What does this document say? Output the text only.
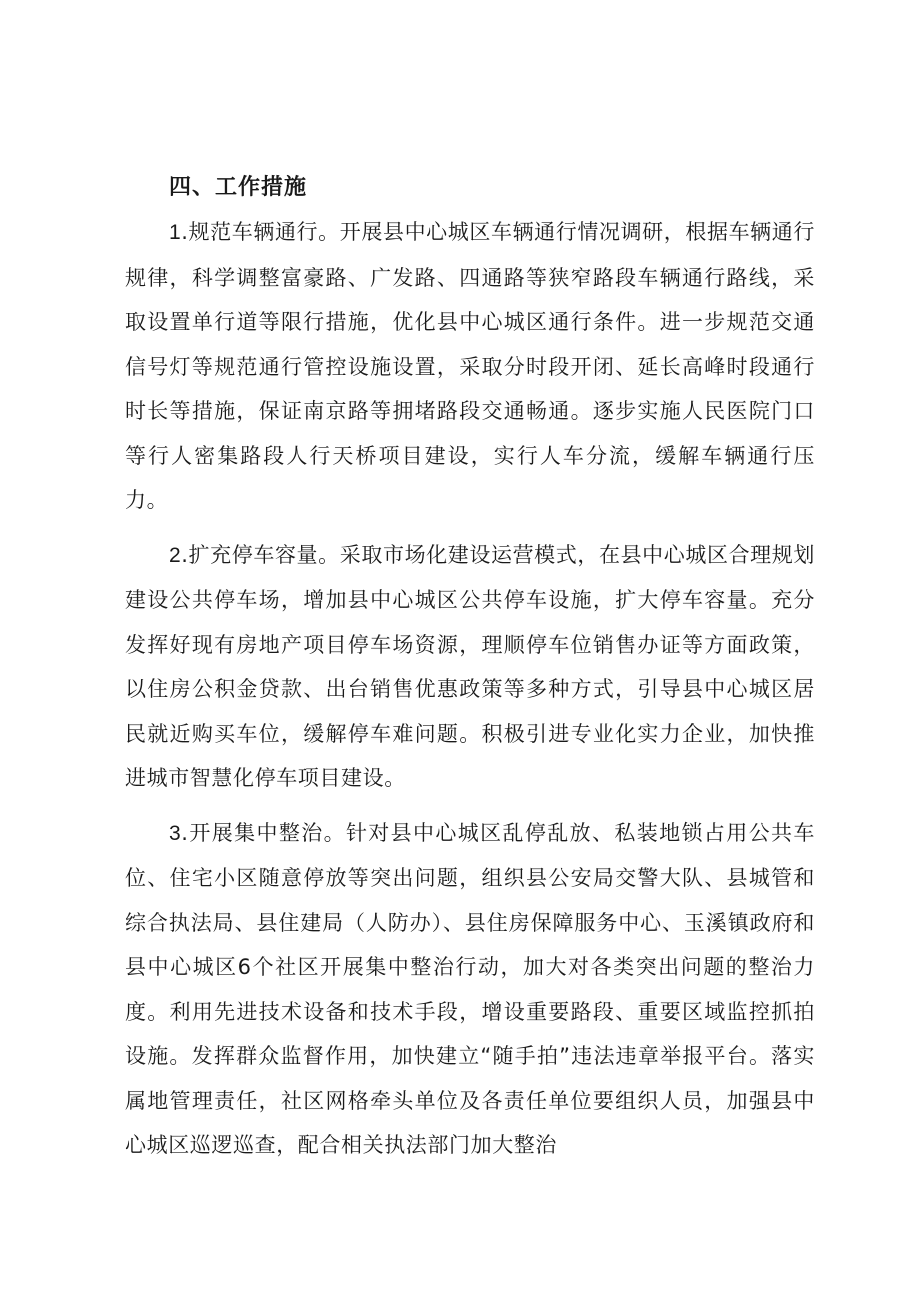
四、工作措施

1.规范车辆通行。开展县中心城区车辆通行情况调研，根据车辆通行规律，科学调整富豪路、广发路、四通路等狭窄路段车辆通行路线，采取设置单行道等限行措施，优化县中心城区通行条件。进一步规范交通信号灯等规范通行管控设施设置，采取分时段开闭、延长高峰时段通行时长等措施，保证南京路等拥堵路段交通畅通。逐步实施人民医院门口等行人密集路段人行天桥项目建设，实行人车分流，缓解车辆通行压力。

2.扩充停车容量。采取市场化建设运营模式，在县中心城区合理规划建设公共停车场，增加县中心城区公共停车设施，扩大停车容量。充分发挥好现有房地产项目停车场资源，理顺停车位销售办证等方面政策，以住房公积金贷款、出台销售优惠政策等多种方式，引导县中心城区居民就近购买车位，缓解停车难问题。积极引进专业化实力企业，加快推进城市智慧化停车项目建设。

3.开展集中整治。针对县中心城区乱停乱放、私装地锁占用公共车位、住宅小区随意停放等突出问题，组织县公安局交警大队、县城管和综合执法局、县住建局（人防办）、县住房保障服务中心、玉溪镇政府和县中心城区6个社区开展集中整治行动，加大对各类突出问题的整治力度。利用先进技术设备和技术手段，增设重要路段、重要区域监控抓拍设施。发挥群众监督作用，加快建立“随手拍”违法违章举报平台。落实属地管理责任，社区网格牵头单位及各责任单位要组织人员，加强县中心城区巡逻巡查，配合相关执法部门加大整治
